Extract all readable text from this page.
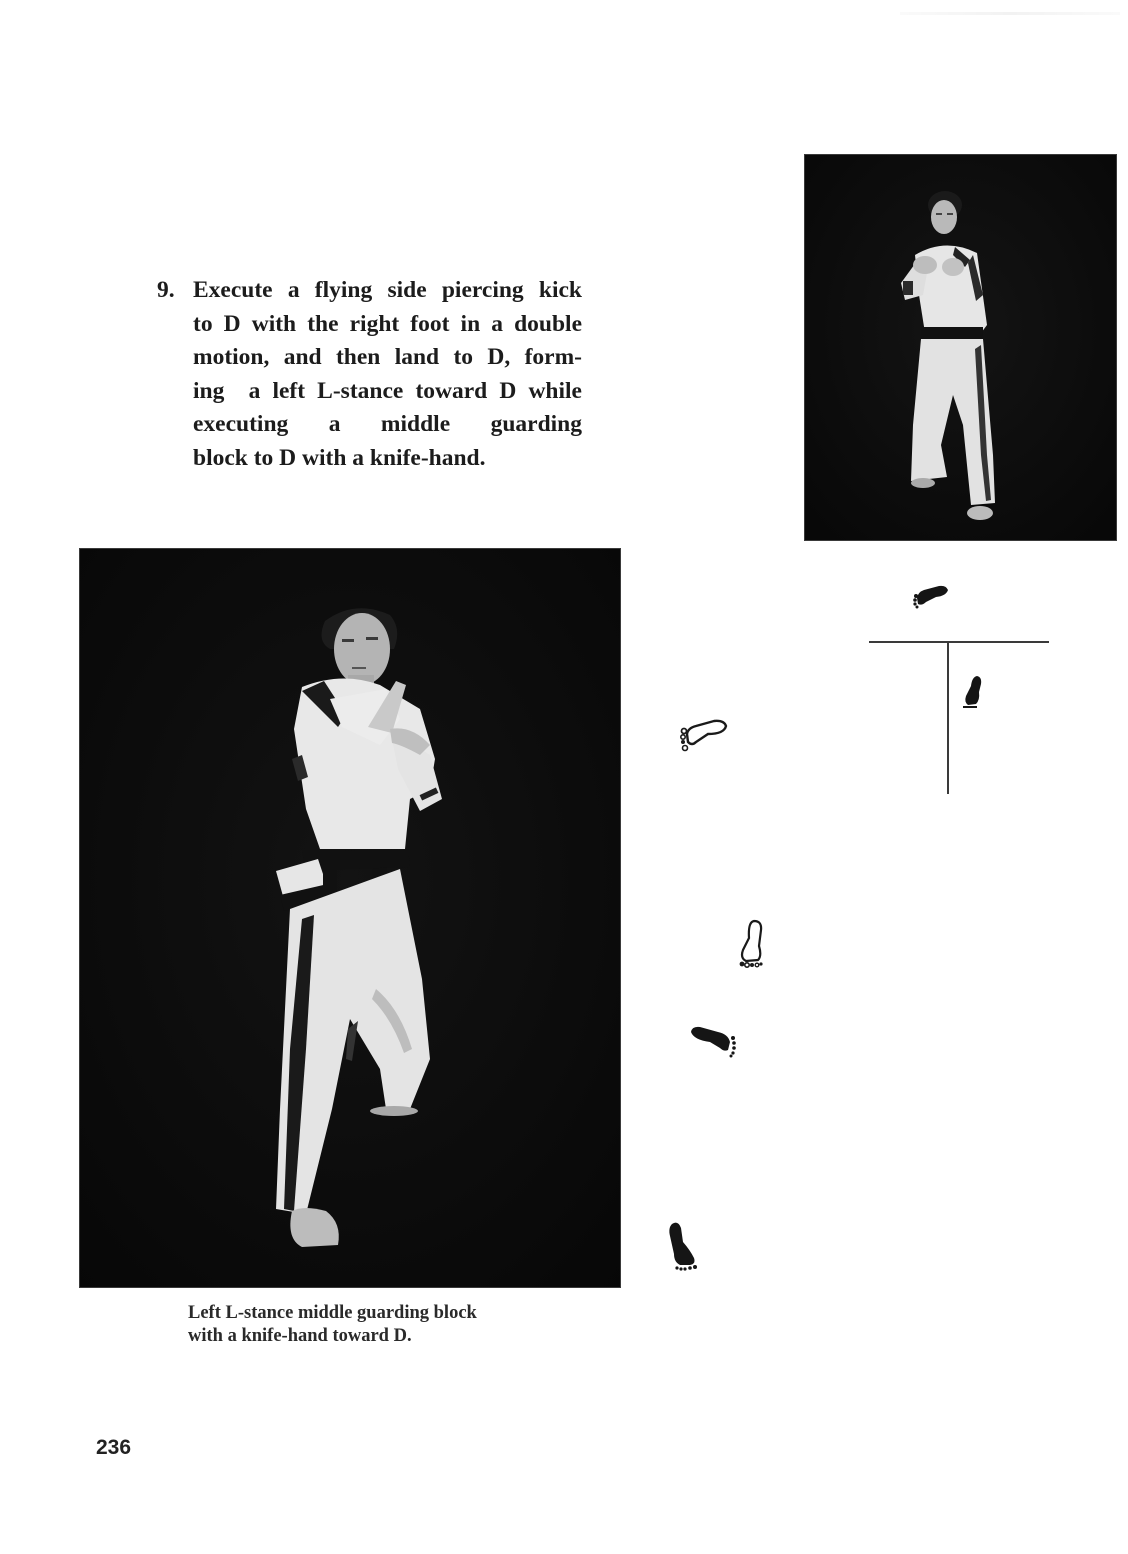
9. Execute a flying side piercing kick
to D with the right foot in a double
motion, and then land to D, form-
ing  a left L-stance toward D while
executing a middle guarding
block to D with a knife-hand.
Left L-stance middle guarding block
with a knife-hand toward D.
236
